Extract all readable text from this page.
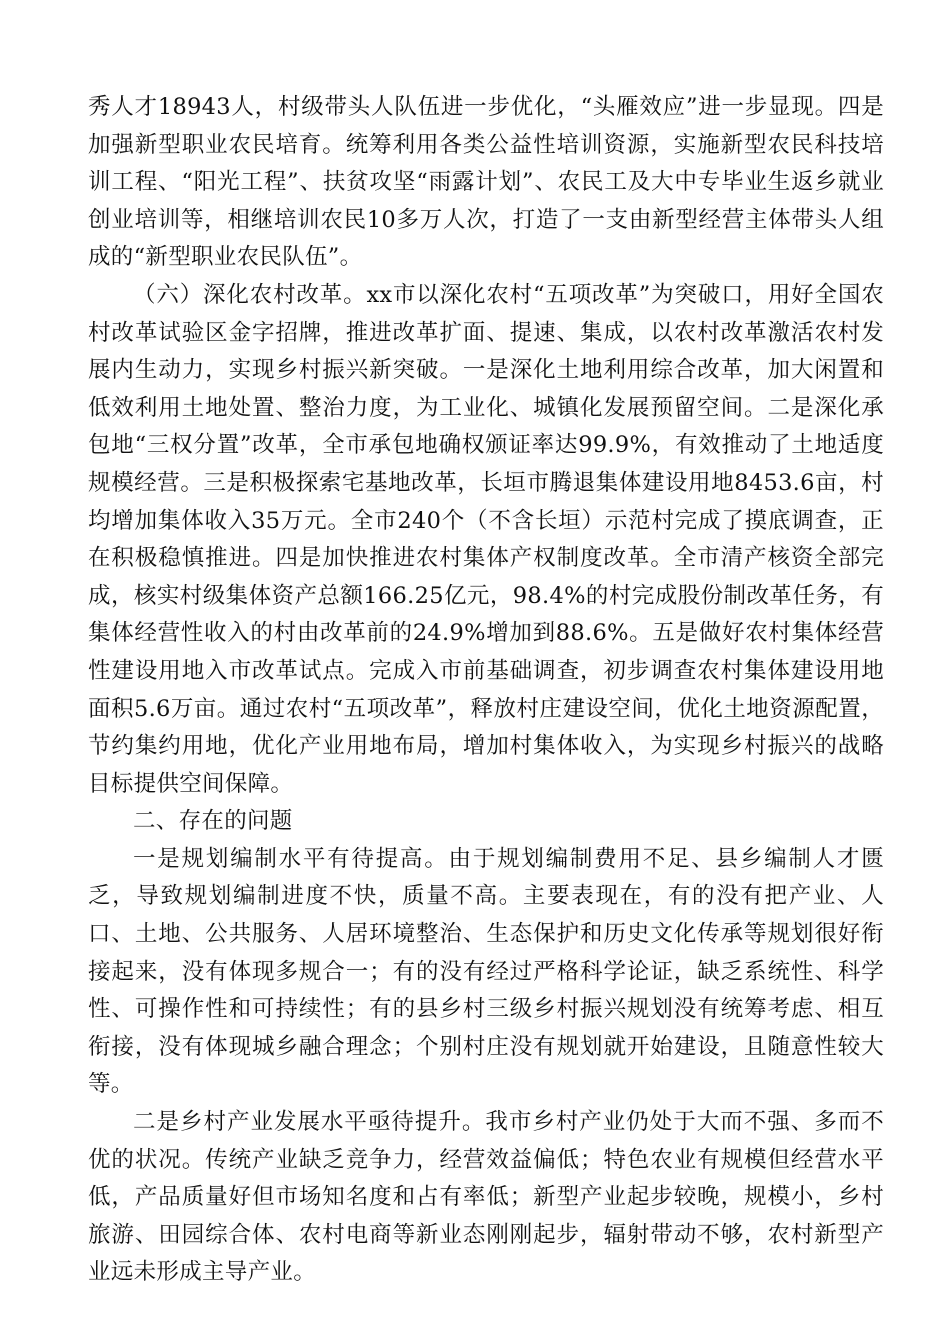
秀人才18943人，村级带头人队伍进一步优化，“头雁效应”进一步显现。四是加强新型职业农民培育。统筹利用各类公益性培训资源，实施新型农民科技培训工程、“阳光工程”、扶贫攻坚“雨露计划”、农民工及大中专毕业生返乡就业创业培训等，相继培训农民10多万人次，打造了一支由新型经营主体带头人组成的“新型职业农民队伍”。

（六）深化农村改革。xx市以深化农村“五项改革”为突破口，用好全国农村改革试验区金字招牌，推进改革扩面、提速、集成，以农村改革激活农村发展内生动力，实现乡村振兴新突破。一是深化土地利用综合改革，加大闲置和低效利用土地处置、整治力度，为工业化、城镇化发展预留空间。二是深化承包地“三权分置”改革，全市承包地确权颁证率达99.9%，有效推动了土地适度规模经营。三是积极探索宅基地改革，长垣市腾退集体建设用地8453.6亩，村均增加集体收入35万元。全市240个（不含长垣）示范村完成了摸底调查，正在积极稳慎推进。四是加快推进农村集体产权制度改革。全市清产核资全部完成，核实村级集体资产总额166.25亿元，98.4%的村完成股份制改革任务，有集体经营性收入的村由改革前的24.9%增加到88.6%。五是做好农村集体经营性建设用地入市改革试点。完成入市前基础调查，初步调查农村集体建设用地面积5.6万亩。通过农村“五项改革”，释放村庄建设空间，优化土地资源配置，节约集约用地，优化产业用地布局，增加村集体收入，为实现乡村振兴的战略目标提供空间保障。

二、存在的问题

一是规划编制水平有待提高。由于规划编制费用不足、县乡编制人才匮乏，导致规划编制进度不快，质量不高。主要表现在，有的没有把产业、人口、土地、公共服务、人居环境整治、生态保护和历史文化传承等规划很好衔接起来，没有体现多规合一；有的没有经过严格科学论证，缺乏系统性、科学性、可操作性和可持续性；有的县乡村三级乡村振兴规划没有统筹考虑、相互衔接，没有体现城乡融合理念；个别村庄没有规划就开始建设，且随意性较大等。

二是乡村产业发展水平亟待提升。我市乡村产业仍处于大而不强、多而不优的状况。传统产业缺乏竞争力，经营效益偏低；特色农业有规模但经营水平低，产品质量好但市场知名度和占有率低；新型产业起步较晚，规模小，乡村旅游、田园综合体、农村电商等新业态刚刚起步，辐射带动不够，农村新型产业远未形成主导产业。
